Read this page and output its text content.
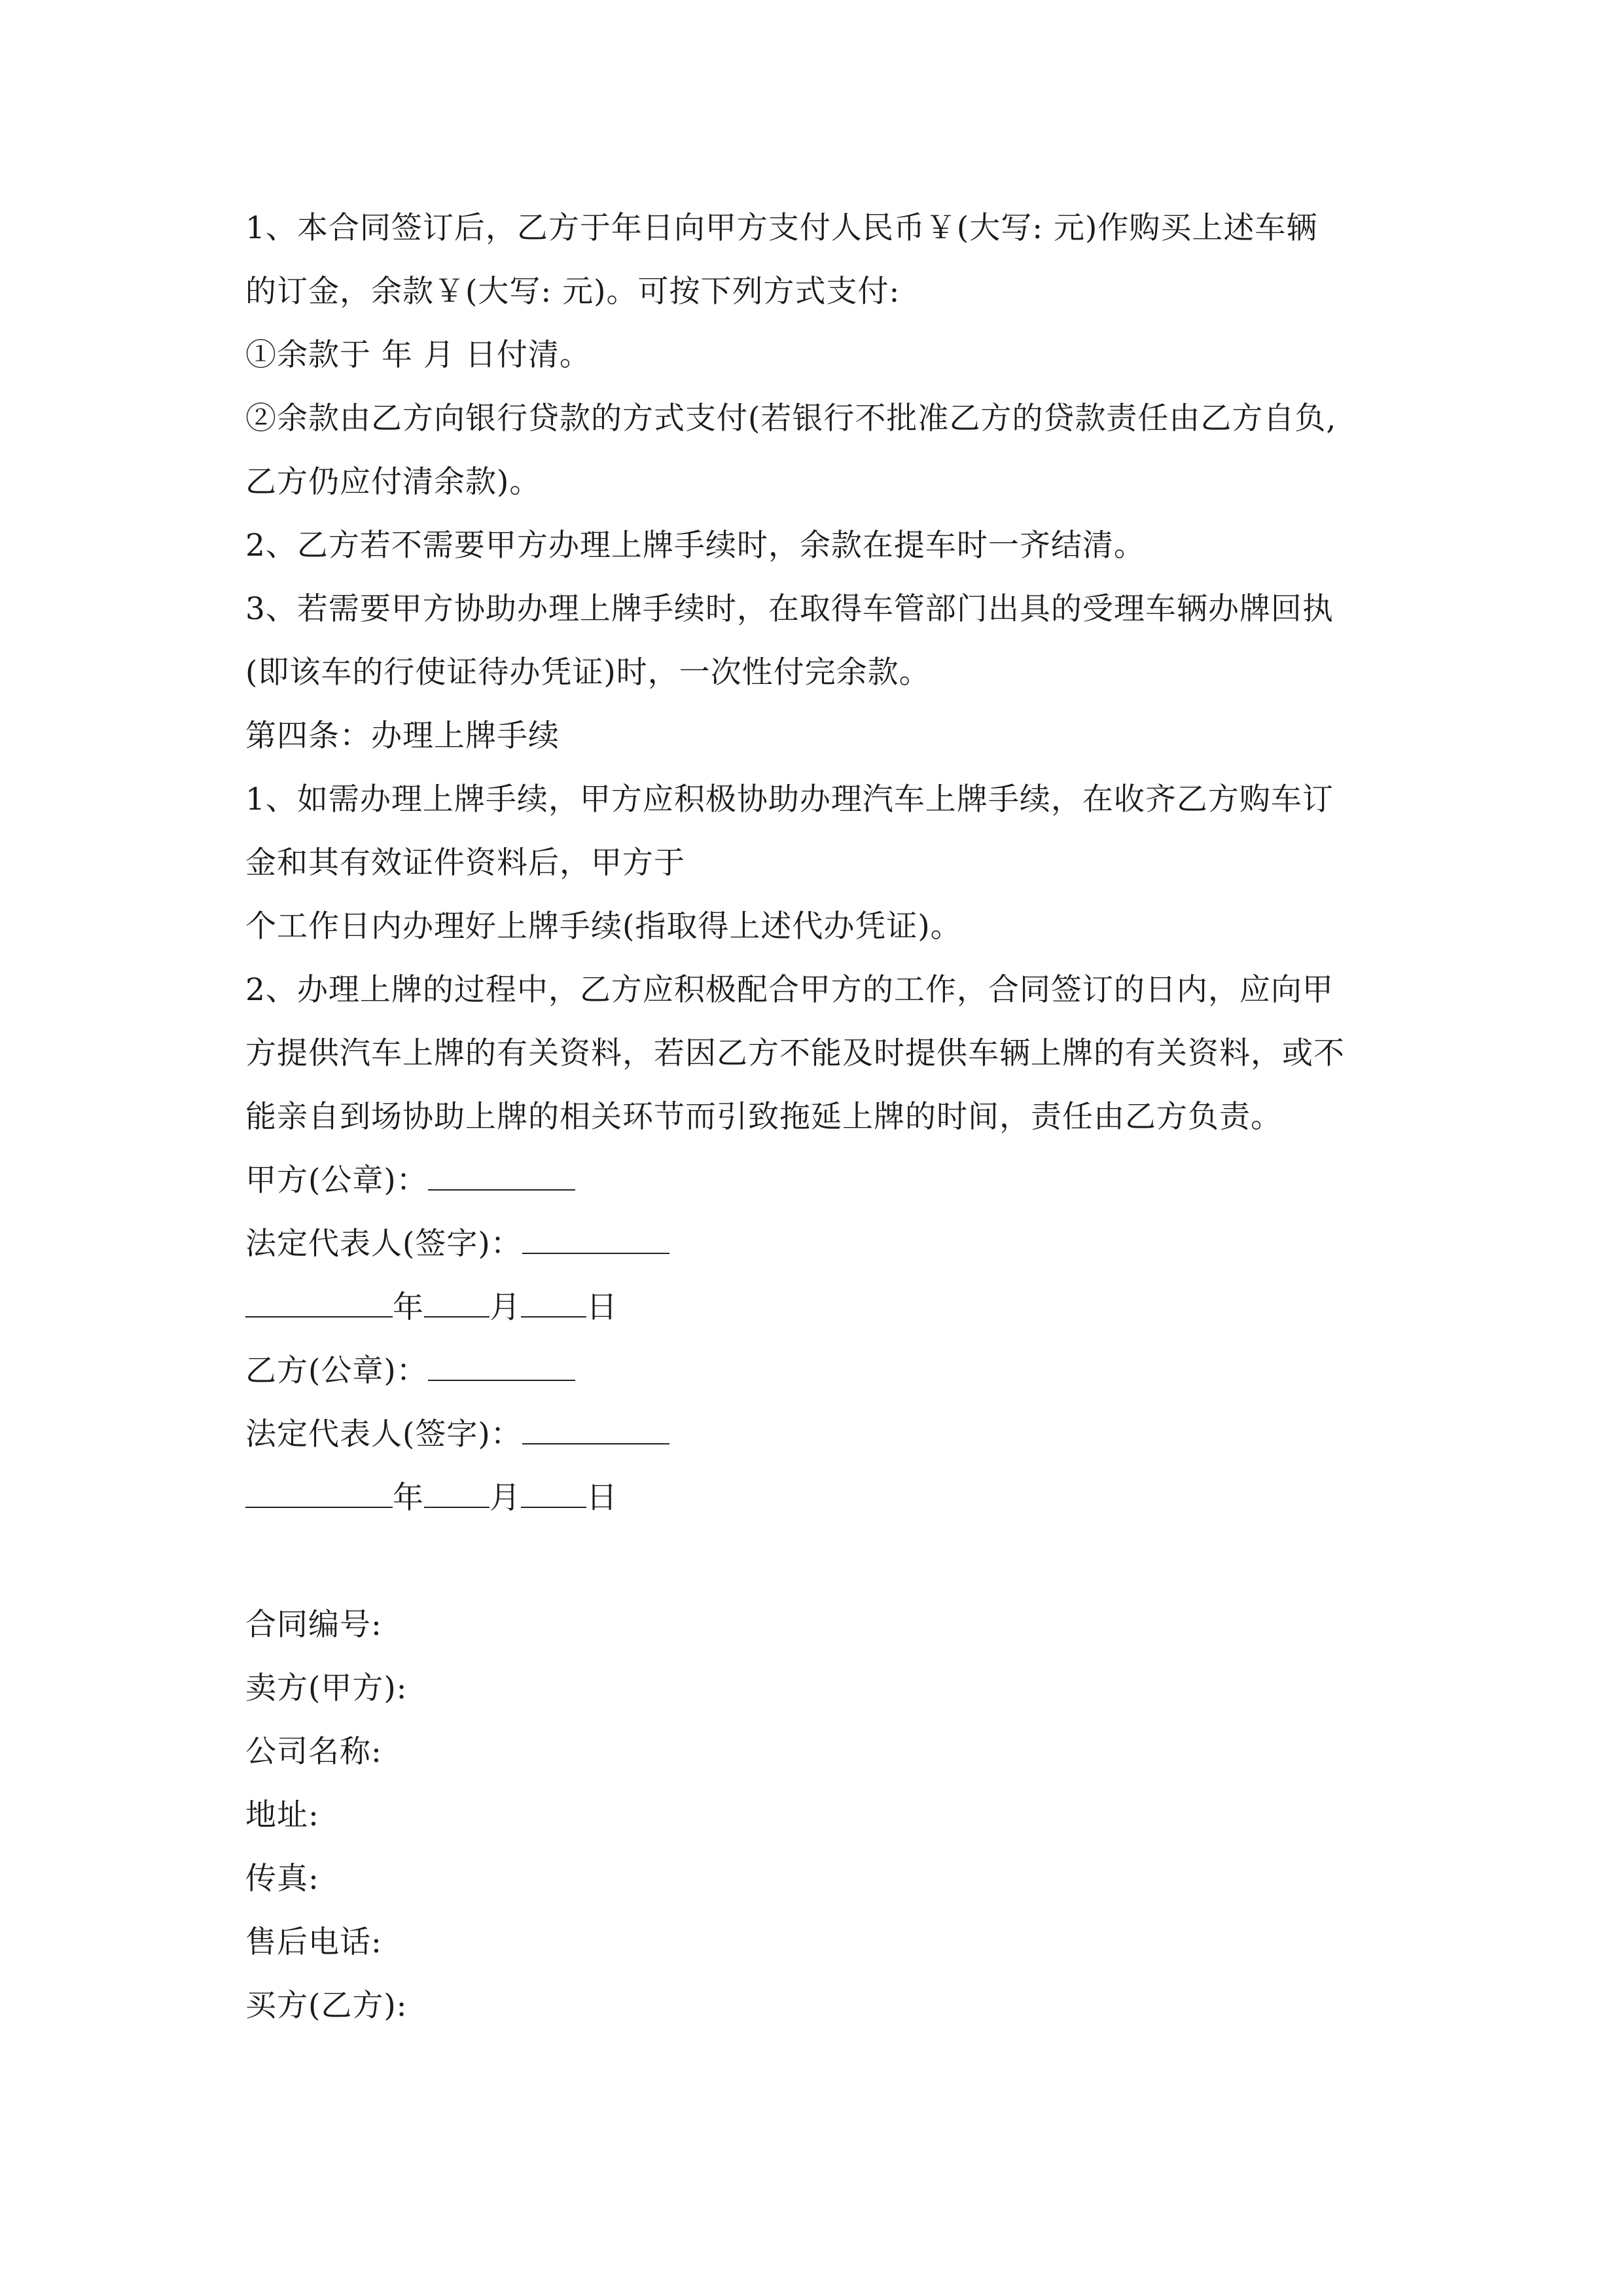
1、本合同签订后，乙方于年日向甲方支付人民币￥(大写: 元)作购买上述车辆
的订金，余款￥(大写: 元)。可按下列方式支付:
①余款于 年 月 日付清。
②余款由乙方向银行贷款的方式支付(若银行不批准乙方的贷款责任由乙方自负,
乙方仍应付清余款)。
2、乙方若不需要甲方办理上牌手续时，余款在提车时一齐结清。
3、若需要甲方协助办理上牌手续时，在取得车管部门出具的受理车辆办牌回执
(即该车的行使证待办凭证)时，一次性付完余款。
第四条：办理上牌手续
1、如需办理上牌手续，甲方应积极协助办理汽车上牌手续，在收齐乙方购车订
金和其有效证件资料后，甲方于
个工作日内办理好上牌手续(指取得上述代办凭证)。
2、办理上牌的过程中，乙方应积极配合甲方的工作，合同签订的日内，应向甲
方提供汽车上牌的有关资料，若因乙方不能及时提供车辆上牌的有关资料，或不
能亲自到场协助上牌的相关环节而引致拖延上牌的时间，责任由乙方负责。
甲方(公章)：
法定代表人(签字)：
年 月 日
乙方(公章)：
法定代表人(签字)：
年 月 日
合同编号:
卖方(甲方):
公司名称:
地址:
传真:
售后电话:
买方(乙方):
